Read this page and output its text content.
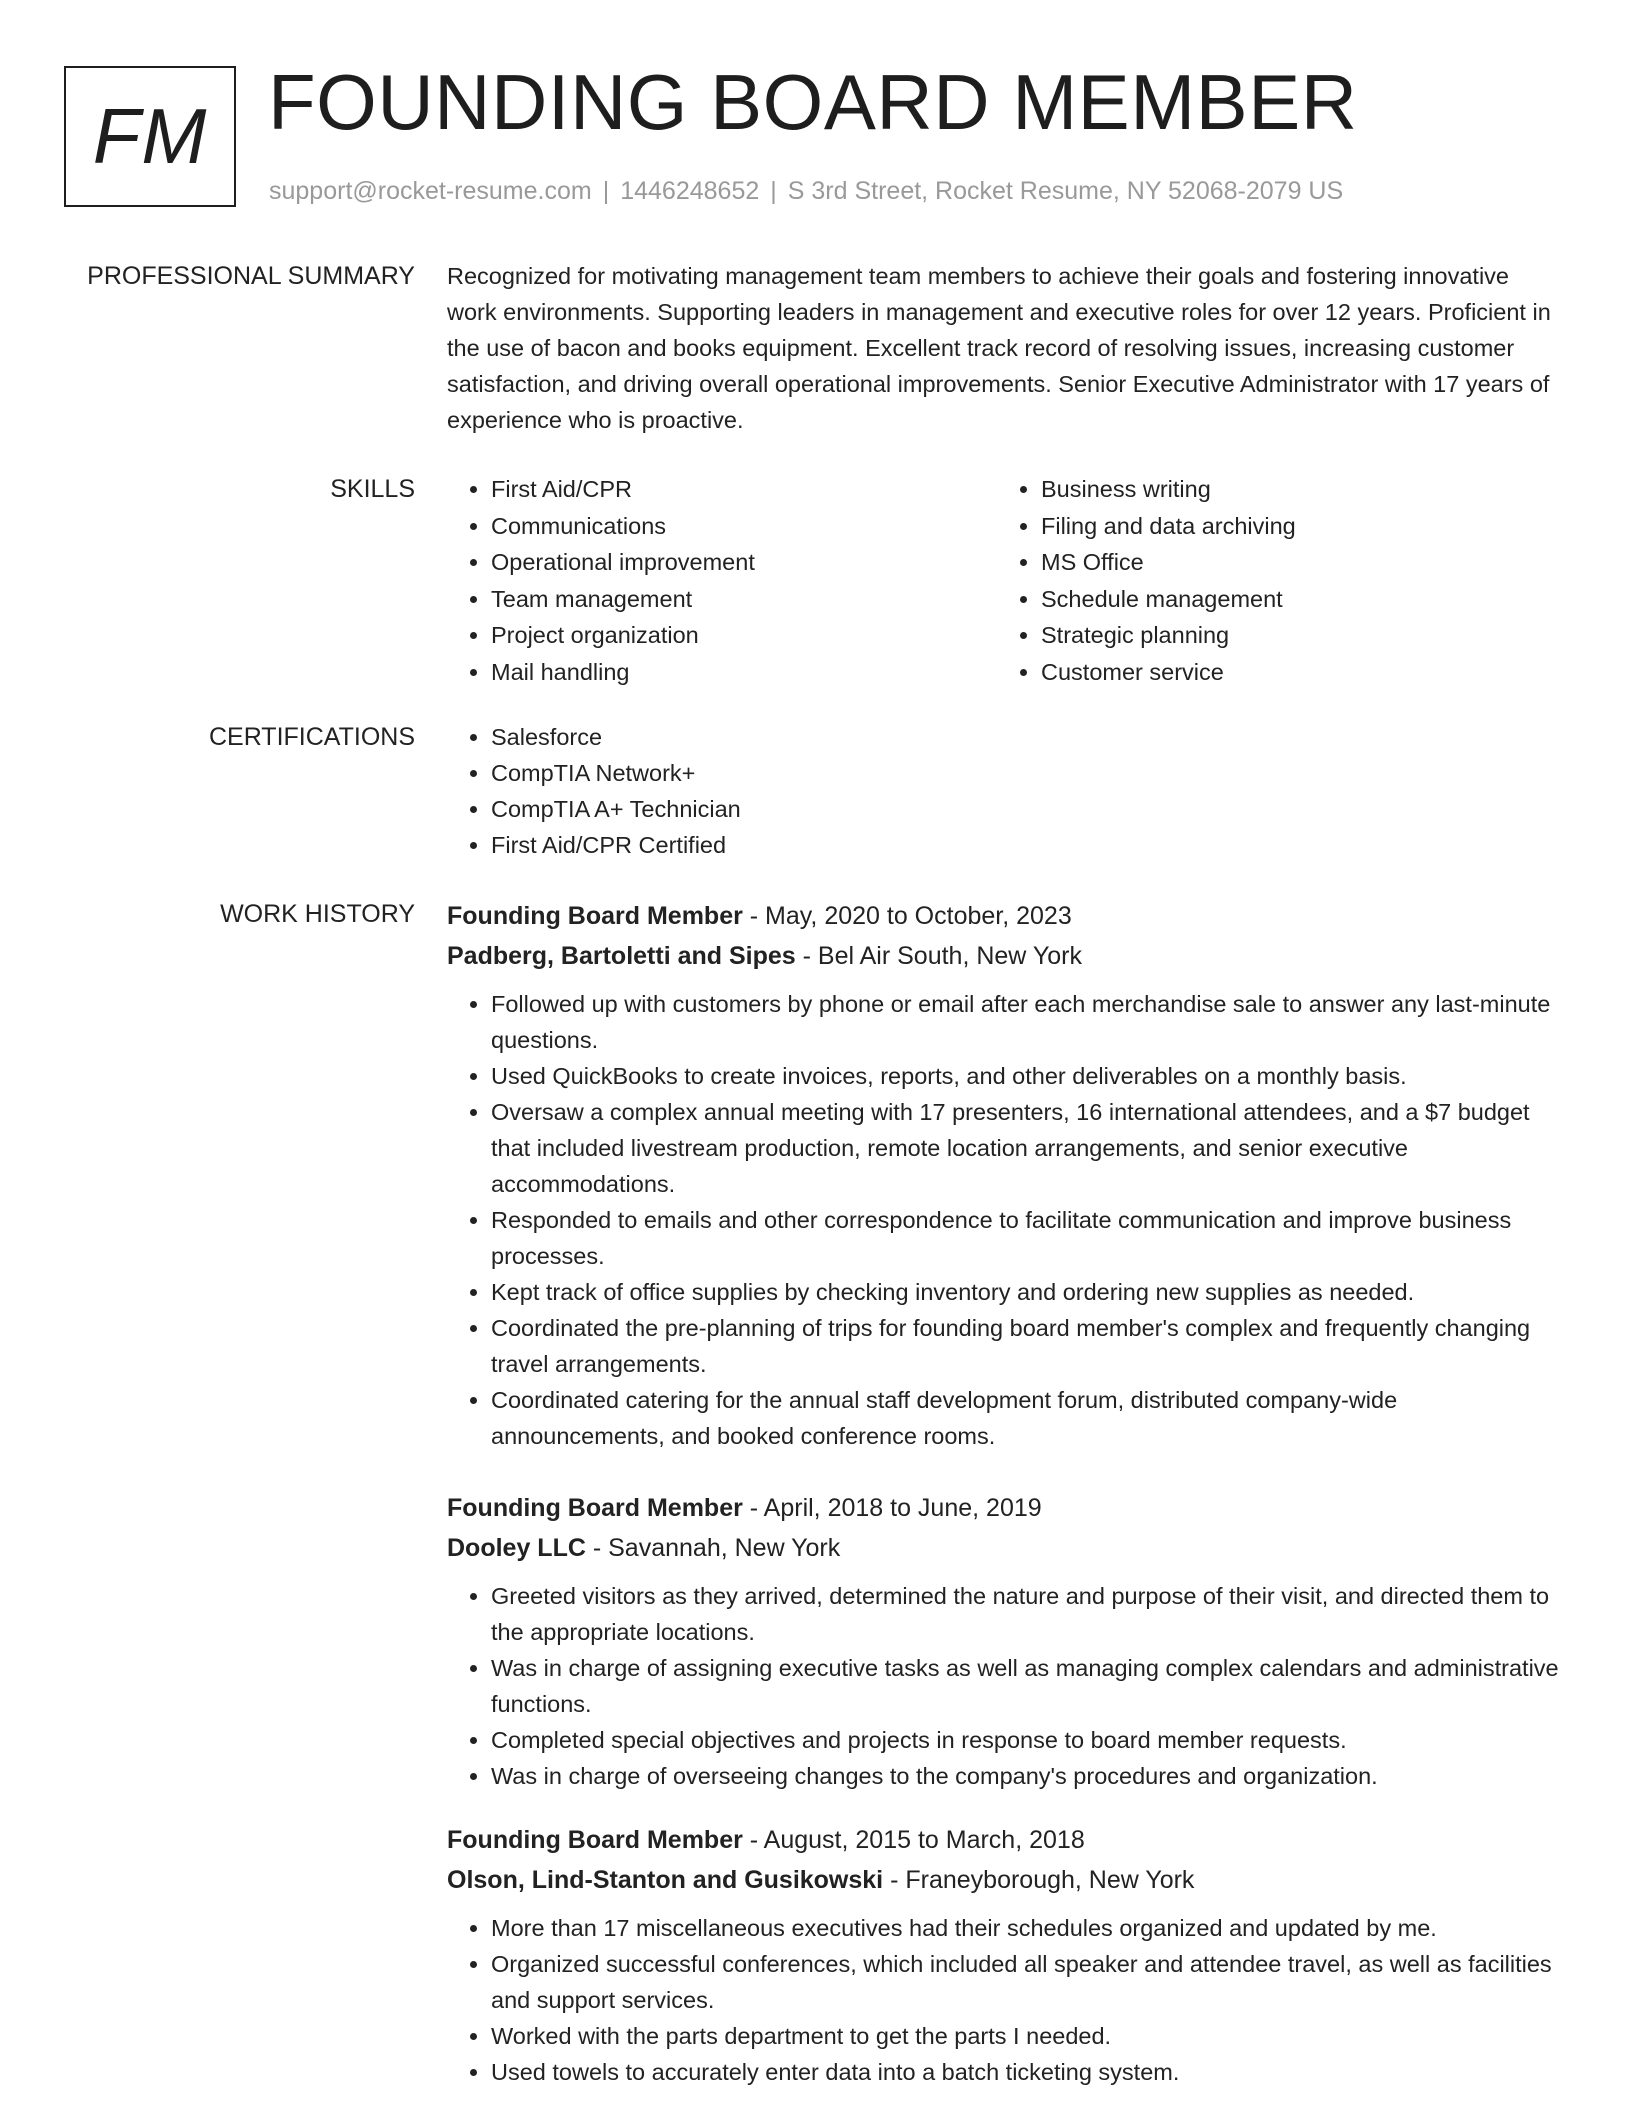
FM FOUNDING BOARD MEMBER
support@rocket-resume.com | 1446248652 | S 3rd Street, Rocket Resume, NY 52068-2079 US
PROFESSIONAL SUMMARY Recognized for motivating management team members to achieve their goals and fostering innovative work environments. Supporting leaders in management and executive roles for over 12 years. Proficient in the use of bacon and books equipment. Excellent track record of resolving issues, increasing customer satisfaction, and driving overall operational improvements. Senior Executive Administrator with 17 years of experience who is proactive.

SKILLS	• First Aid/CPR
• Communications
• Operational improvement
• Team management
• Project organization
• Mail handling
• Business writing
• Filing and data archiving
• MS Office
• Schedule management
• Strategic planning
• Customer service
CERTIFICATIONS	• Salesforce
• CompTIA Network+
• CompTIA A+ Technician
• First Aid/CPR Certified
WORK HISTORY Founding Board Member - May, 2020 to October, 2023
Padberg, Bartoletti and Sipes - Bel Air South, New York
• Followed up with customers by phone or email after each merchandise sale to answer any last-minute questions.
• Used QuickBooks to create invoices, reports, and other deliverables on a monthly basis.
• Oversaw a complex annual meeting with 17 presenters, 16 international attendees, and a $7 budget that included livestream production, remote location arrangements, and senior executive accommodations.
• Responded to emails and other correspondence to facilitate communication and improve business processes.
• Kept track of office supplies by checking inventory and ordering new supplies as needed.
• Coordinated the pre-planning of trips for founding board member's complex and frequently changing travel arrangements.
• Coordinated catering for the annual staff development forum, distributed company-wide announcements, and booked conference rooms.
Founding Board Member - April, 2018 to June, 2019
Dooley LLC - Savannah, New York
• Greeted visitors as they arrived, determined the nature and purpose of their visit, and directed them to the appropriate locations.
• Was in charge of assigning executive tasks as well as managing complex calendars and administrative functions.
• Completed special objectives and projects in response to board member requests.
• Was in charge of overseeing changes to the company's procedures and organization.
Founding Board Member - August, 2015 to March, 2018
Olson, Lind-Stanton and Gusikowski - Franeyborough, New York
• More than 17 miscellaneous executives had their schedules organized and updated by me.
• Organized successful conferences, which included all speaker and attendee travel, as well as facilities and support services.
• Worked with the parts department to get the parts I needed.
• Used towels to accurately enter data into a batch ticketing system.
